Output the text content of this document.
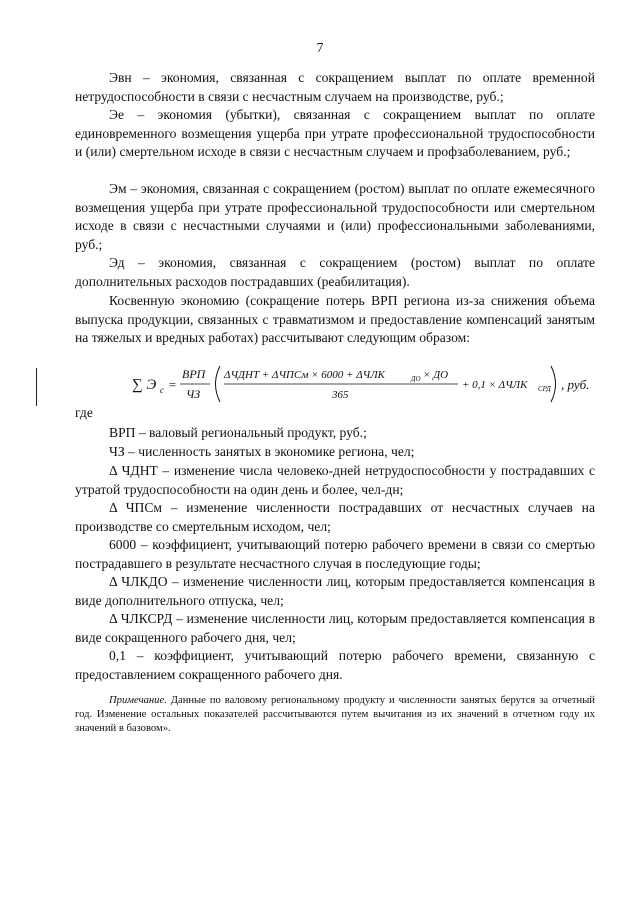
7

Эвн – экономия, связанная с сокращением выплат по оплате временной нетрудоспособности в связи с несчастным случаем на производстве, руб.;

Эе – экономия (убытки), связанная с сокращением выплат по оплате единовременного возмещения ущерба при утрате профессиональной трудоспособности и (или) смертельном исходе в связи с несчастным случаем и профзаболеванием, руб.;

Эм – экономия, связанная с сокращением (ростом) выплат по оплате ежемесячного возмещения ущерба при утрате профессиональной трудоспособности или смертельном исходе в связи с несчастными случаями и (или) профессиональными заболеваниями, руб.;

Эд – экономия, связанная с сокращением (ростом) выплат по оплате дополнительных расходов пострадавших (реабилитация).

Косвенную экономию (сокращение потерь ВРП региона из-за снижения объема выпуска продукции, связанных с травматизмом и предоставление компенсаций занятым на тяжелых и вредных работах) рассчитывают следующим образом:

∑ Э с =
ВРП
ЧЗ
ΔЧДНТ + ΔЧПСм × 6000 + ΔЧЛК	ДО × ДО
365
+ 0,1 × ΔЧЛК СРД , руб.

где

ВРП – валовый региональный продукт, руб.;

ЧЗ – численность занятых в экономике региона, чел;

Δ ЧДНТ – изменение числа человеко-дней нетрудоспособности у пострадавших с утратой трудоспособности на один день и более, чел-дн;

Δ ЧПСм – изменение численности пострадавших от несчастных случаев на производстве со смертельным исходом, чел;

6000 – коэффициент, учитывающий потерю рабочего времени в связи со смертью пострадавшего в результате несчастного случая в последующие годы;

Δ ЧЛКДО – изменение численности лиц, которым предоставляется компенсация в виде дополнительного отпуска, чел;

Δ ЧЛКСРД – изменение численности лиц, которым предоставляется компенсация в виде сокращенного рабочего дня, чел;

0,1 – коэффициент, учитывающий потерю рабочего времени, связанную с предоставлением сокращенного рабочего дня.

Примечание. Данные по валовому региональному продукту и численности занятых берутся за отчетный год. Изменение остальных показателей рассчитываются путем вычитания из их значений в отчетном году их значений в базовом».
